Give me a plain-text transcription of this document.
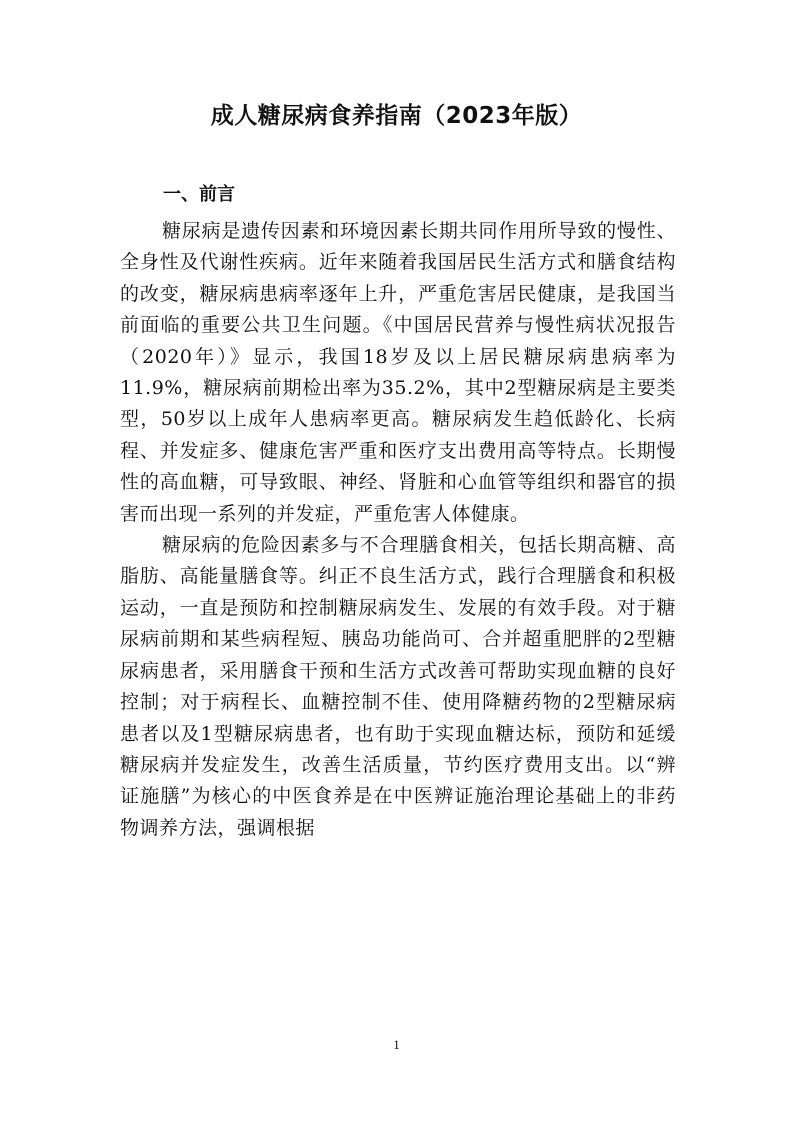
成人糖尿病食养指南（2023年版）
一、前言

糖尿病是遗传因素和环境因素长期共同作用所导致的慢性、全身性及代谢性疾病。近年来随着我国居民生活方式和膳食结构的改变，糖尿病患病率逐年上升，严重危害居民健康，是我国当前面临的重要公共卫生问题。《中国居民营养与慢性病状况报告（2020年）》显示，我国18岁及以上居民糖尿病患病率为11.9%，糖尿病前期检出率为35.2%，其中2型糖尿病是主要类型，50岁以上成年人患病率更高。糖尿病发生趋低龄化、长病程、并发症多、健康危害严重和医疗支出费用高等特点。长期慢性的高血糖，可导致眼、神经、肾脏和心血管等组织和器官的损害而出现一系列的并发症，严重危害人体健康。

糖尿病的危险因素多与不合理膳食相关，包括长期高糖、高脂肪、高能量膳食等。纠正不良生活方式，践行合理膳食和积极运动，一直是预防和控制糖尿病发生、发展的有效手段。对于糖尿病前期和某些病程短、胰岛功能尚可、合并超重肥胖的2型糖尿病患者，采用膳食干预和生活方式改善可帮助实现血糖的良好控制；对于病程长、血糖控制不佳、使用降糖药物的2型糖尿病患者以及1型糖尿病患者，也有助于实现血糖达标，预防和延缓糖尿病并发症发生，改善生活质量，节约医疗费用支出。以“辨证施膳”为核心的中医食养是在中医辨证施治理论基础上的非药物调养方法，强调根据

1
